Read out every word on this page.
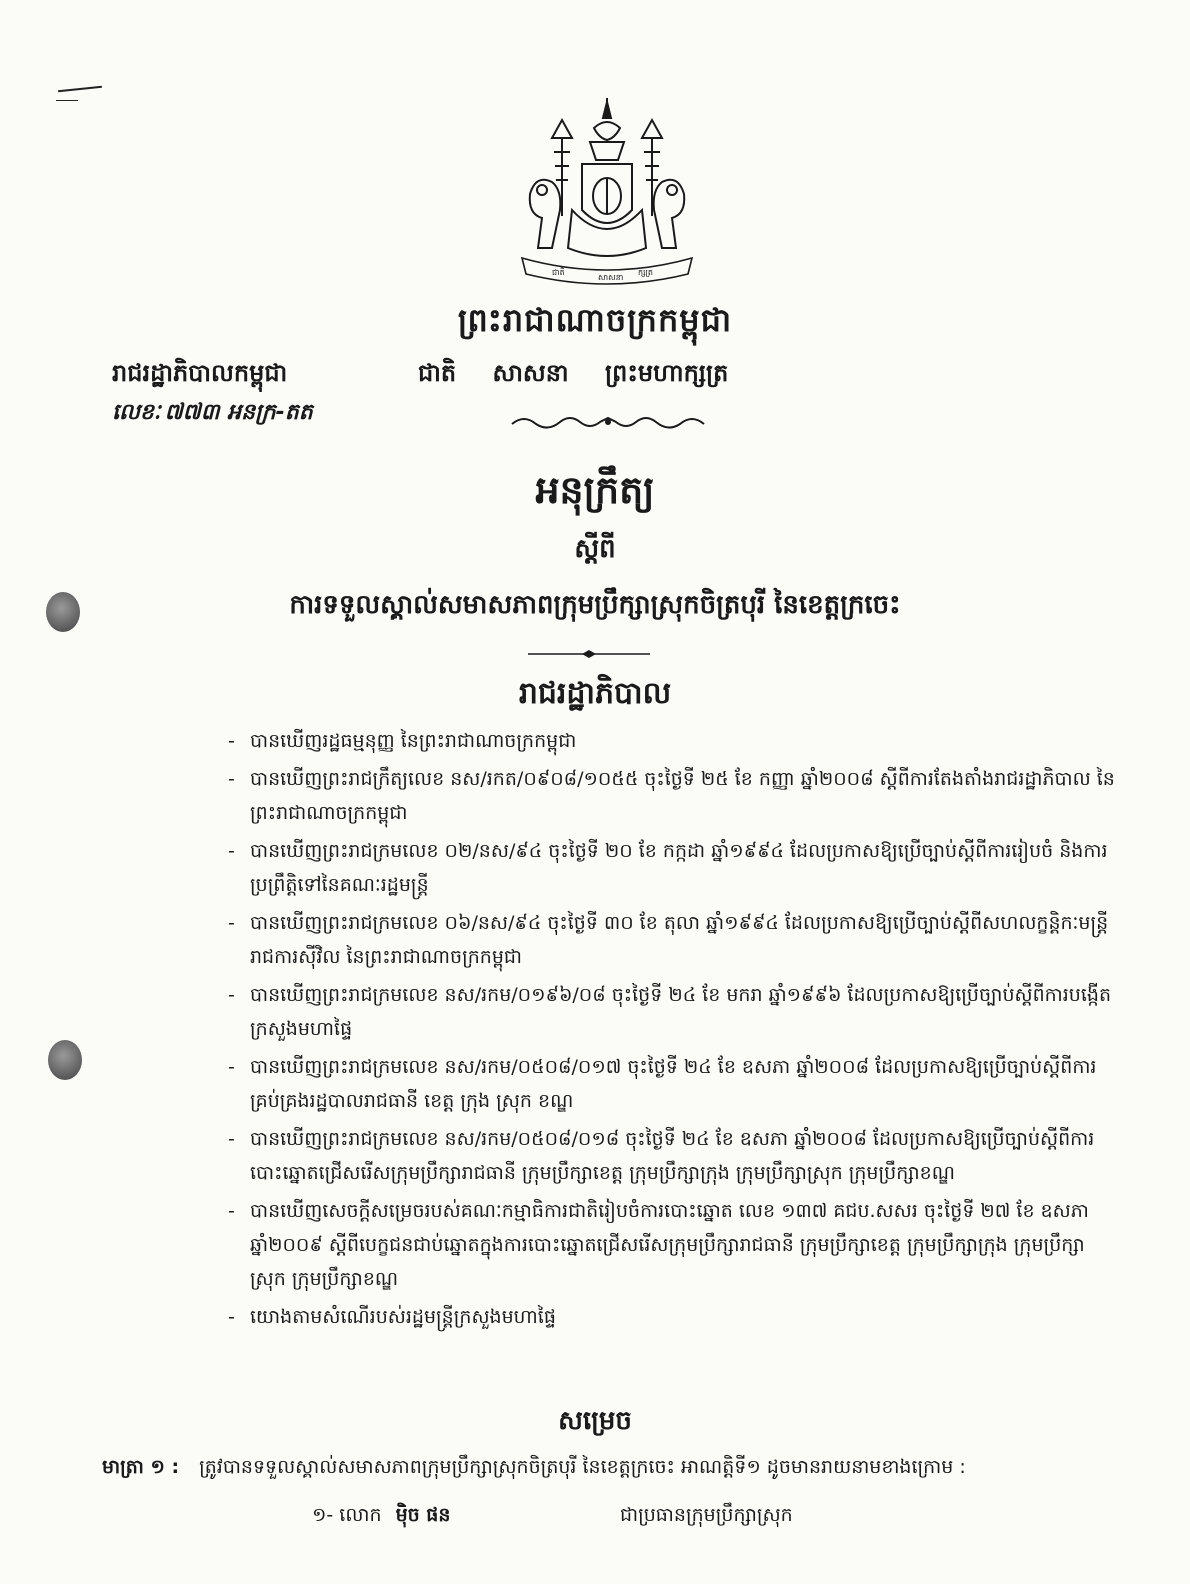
ជាតិ
សាសនា
ក្សត្រ
ព្រះរាជាណាចក្រកម្ពុជា
រាជរដ្ឋាភិបាលកម្ពុជា	ជាតិ សាសនា ព្រះមហាក្សត្រ
លេខៈ ៧៧៣ អនក្រ-តត
អនុក្រឹត្យ
ស្តីពី
ការទទួលស្គាល់សមាសភាពក្រុមប្រឹក្សាស្រុកចិត្របុរី នៃខេត្តក្រចេះ
រាជរដ្ឋាភិបាល
- បានឃើញរដ្ឋធម្មនុញ្ញ នៃព្រះរាជាណាចក្រកម្ពុជា
- បានឃើញព្រះរាជក្រឹត្យលេខ នស/រកត/០៩០៨/១០៥៥ ចុះថ្ងៃទី ២៥ ខែ កញ្ញា ឆ្នាំ២០០៨ ស្តីពីការតែងតាំងរាជរដ្ឋាភិបាល នៃព្រះរាជាណាចក្រកម្ពុជា
- បានឃើញព្រះរាជក្រមលេខ ០២/នស/៩៤ ចុះថ្ងៃទី ២០ ខែ កក្កដា ឆ្នាំ១៩៩៤ ដែលប្រកាសឱ្យប្រើច្បាប់ស្តីពីការរៀបចំ និងការប្រព្រឹត្តិទៅនៃគណៈរដ្ឋមន្ត្រី
- បានឃើញព្រះរាជក្រមលេខ ០៦/នស/៩៤ ចុះថ្ងៃទី ៣០ ខែ តុលា ឆ្នាំ១៩៩៤ ដែលប្រកាសឱ្យប្រើច្បាប់ស្តីពីសហលក្ខន្តិកៈមន្ត្រីរាជការស៊ីវិល នៃព្រះរាជាណាចក្រកម្ពុជា
- បានឃើញព្រះរាជក្រមលេខ នស/រកម/០១៩៦/០៨ ចុះថ្ងៃទី ២៤ ខែ មករា ឆ្នាំ១៩៩៦ ដែលប្រកាសឱ្យប្រើច្បាប់ស្តីពីការបង្កើតក្រសួងមហាផ្ទៃ
- បានឃើញព្រះរាជក្រមលេខ នស/រកម/០៥០៨/០១៧ ចុះថ្ងៃទី ២៤ ខែ ឧសភា ឆ្នាំ២០០៨ ដែលប្រកាសឱ្យប្រើច្បាប់ស្តីពីការគ្រប់គ្រងរដ្ឋបាលរាជធានី ខេត្ត ក្រុង ស្រុក ខណ្ឌ
- បានឃើញព្រះរាជក្រមលេខ នស/រកម/០៥០៨/០១៨ ចុះថ្ងៃទី ២៤ ខែ ឧសភា ឆ្នាំ២០០៨ ដែលប្រកាសឱ្យប្រើច្បាប់ស្តីពីការបោះឆ្នោតជ្រើសរើសក្រុមប្រឹក្សារាជធានី ក្រុមប្រឹក្សាខេត្ត ក្រុមប្រឹក្សាក្រុង ក្រុមប្រឹក្សាស្រុក ក្រុមប្រឹក្សាខណ្ឌ
- បានឃើញសេចក្តីសម្រេចរបស់គណៈកម្មាធិការជាតិរៀបចំការបោះឆ្នោត លេខ ១៣៧ គជប.សសរ ចុះថ្ងៃទី ២៧ ខែ ឧសភា ឆ្នាំ២០០៩ ស្តីពីបេក្ខជនជាប់ឆ្នោតក្នុងការបោះឆ្នោតជ្រើសរើសក្រុមប្រឹក្សារាជធានី ក្រុមប្រឹក្សាខេត្ត ក្រុមប្រឹក្សាក្រុង ក្រុមប្រឹក្សាស្រុក ក្រុមប្រឹក្សាខណ្ឌ
- យោងតាមសំណើរបស់រដ្ឋមន្ត្រីក្រសួងមហាផ្ទៃ
សម្រេច
មាត្រា ១ : ត្រូវបានទទួលស្គាល់សមាសភាពក្រុមប្រឹក្សាស្រុកចិត្របុរី នៃខេត្តក្រចេះ អាណត្តិទី១ ដូចមានរាយនាមខាងក្រោម :
១- លោក ម៉ិច ផន	ជាប្រធានក្រុមប្រឹក្សាស្រុក
